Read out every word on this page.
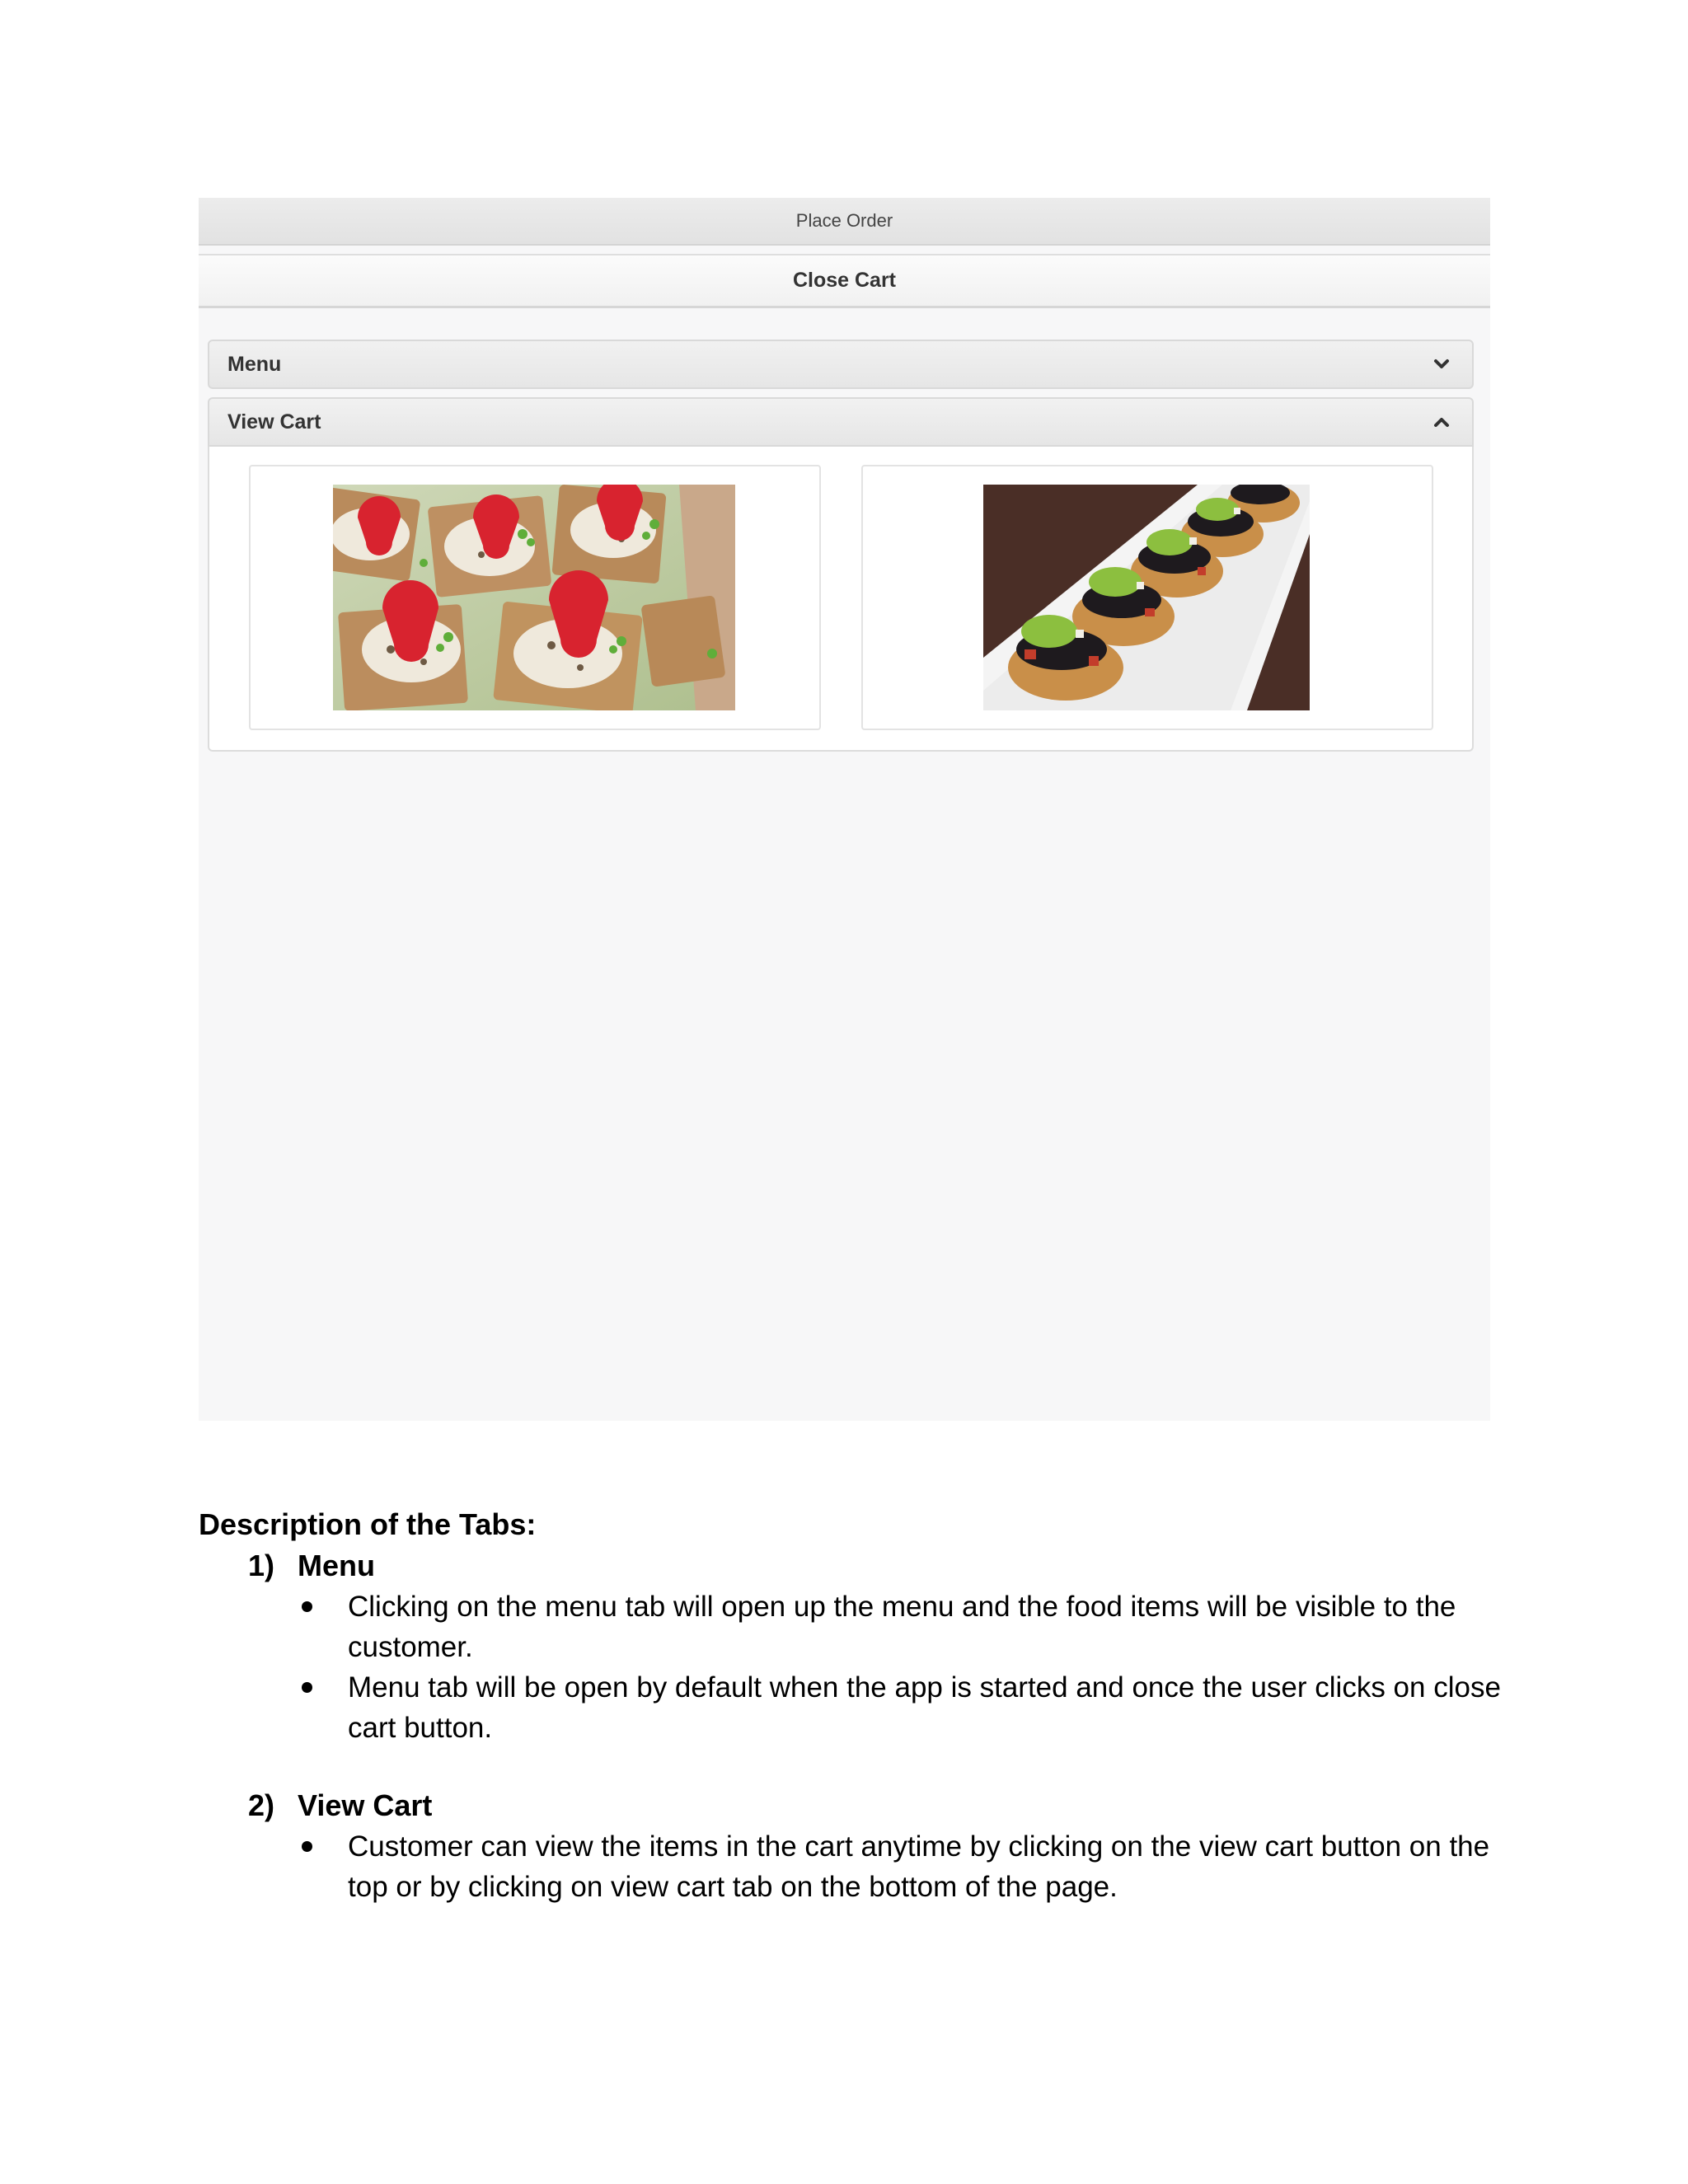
Place Order
Close Cart
Menu
View Cart

Description of the Tabs:

1) Menu

Clicking on the menu tab will open up the menu and the food items will be visible to the customer.
Menu tab will be open by default when the app is started and once the user clicks on close cart button.

2) View Cart

Customer can view the items in the cart anytime by clicking on the view cart button on the top or by clicking on view cart tab on the bottom of the page.
